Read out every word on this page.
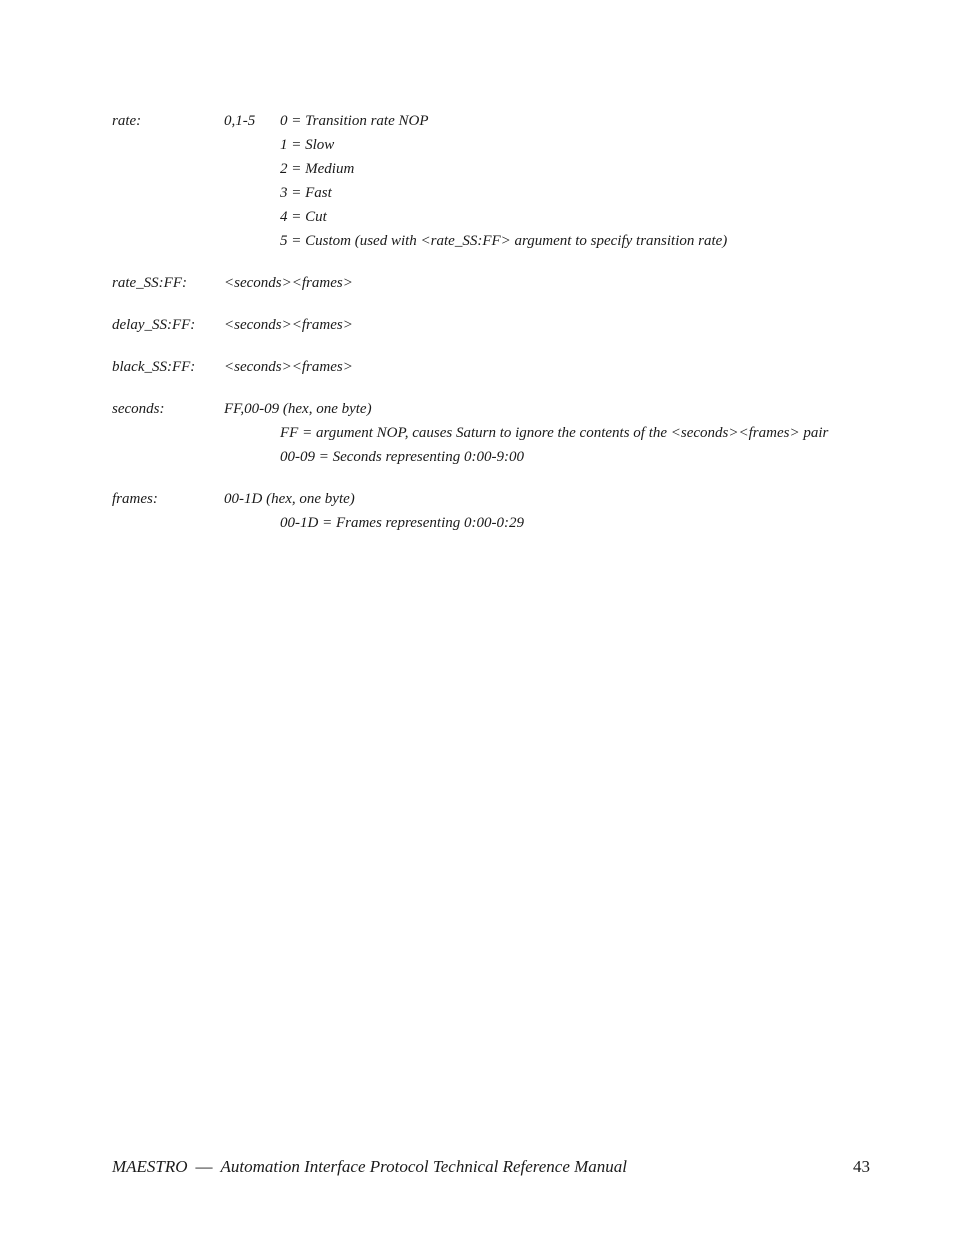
rate:	0,1-5 0 = Transition rate NOP
1 = Slow
2 = Medium
3 = Fast
4 = Cut
5 = Custom (used with <rate_SS:FF> argument to specify transition rate)
rate_SS:FF: <seconds><frames>
delay_SS:FF: <seconds><frames>
black_SS:FF: <seconds><frames>
seconds:	FF,00-09 (hex, one byte)
FF = argument NOP, causes Saturn to ignore the contents of the <seconds><frames> pair
00-09 = Seconds representing 0:00-9:00
frames:	00-1D (hex, one byte)
00-1D = Frames representing 0:00-0:29
MAESTRO — Automation Interface Protocol Technical Reference Manual	43
